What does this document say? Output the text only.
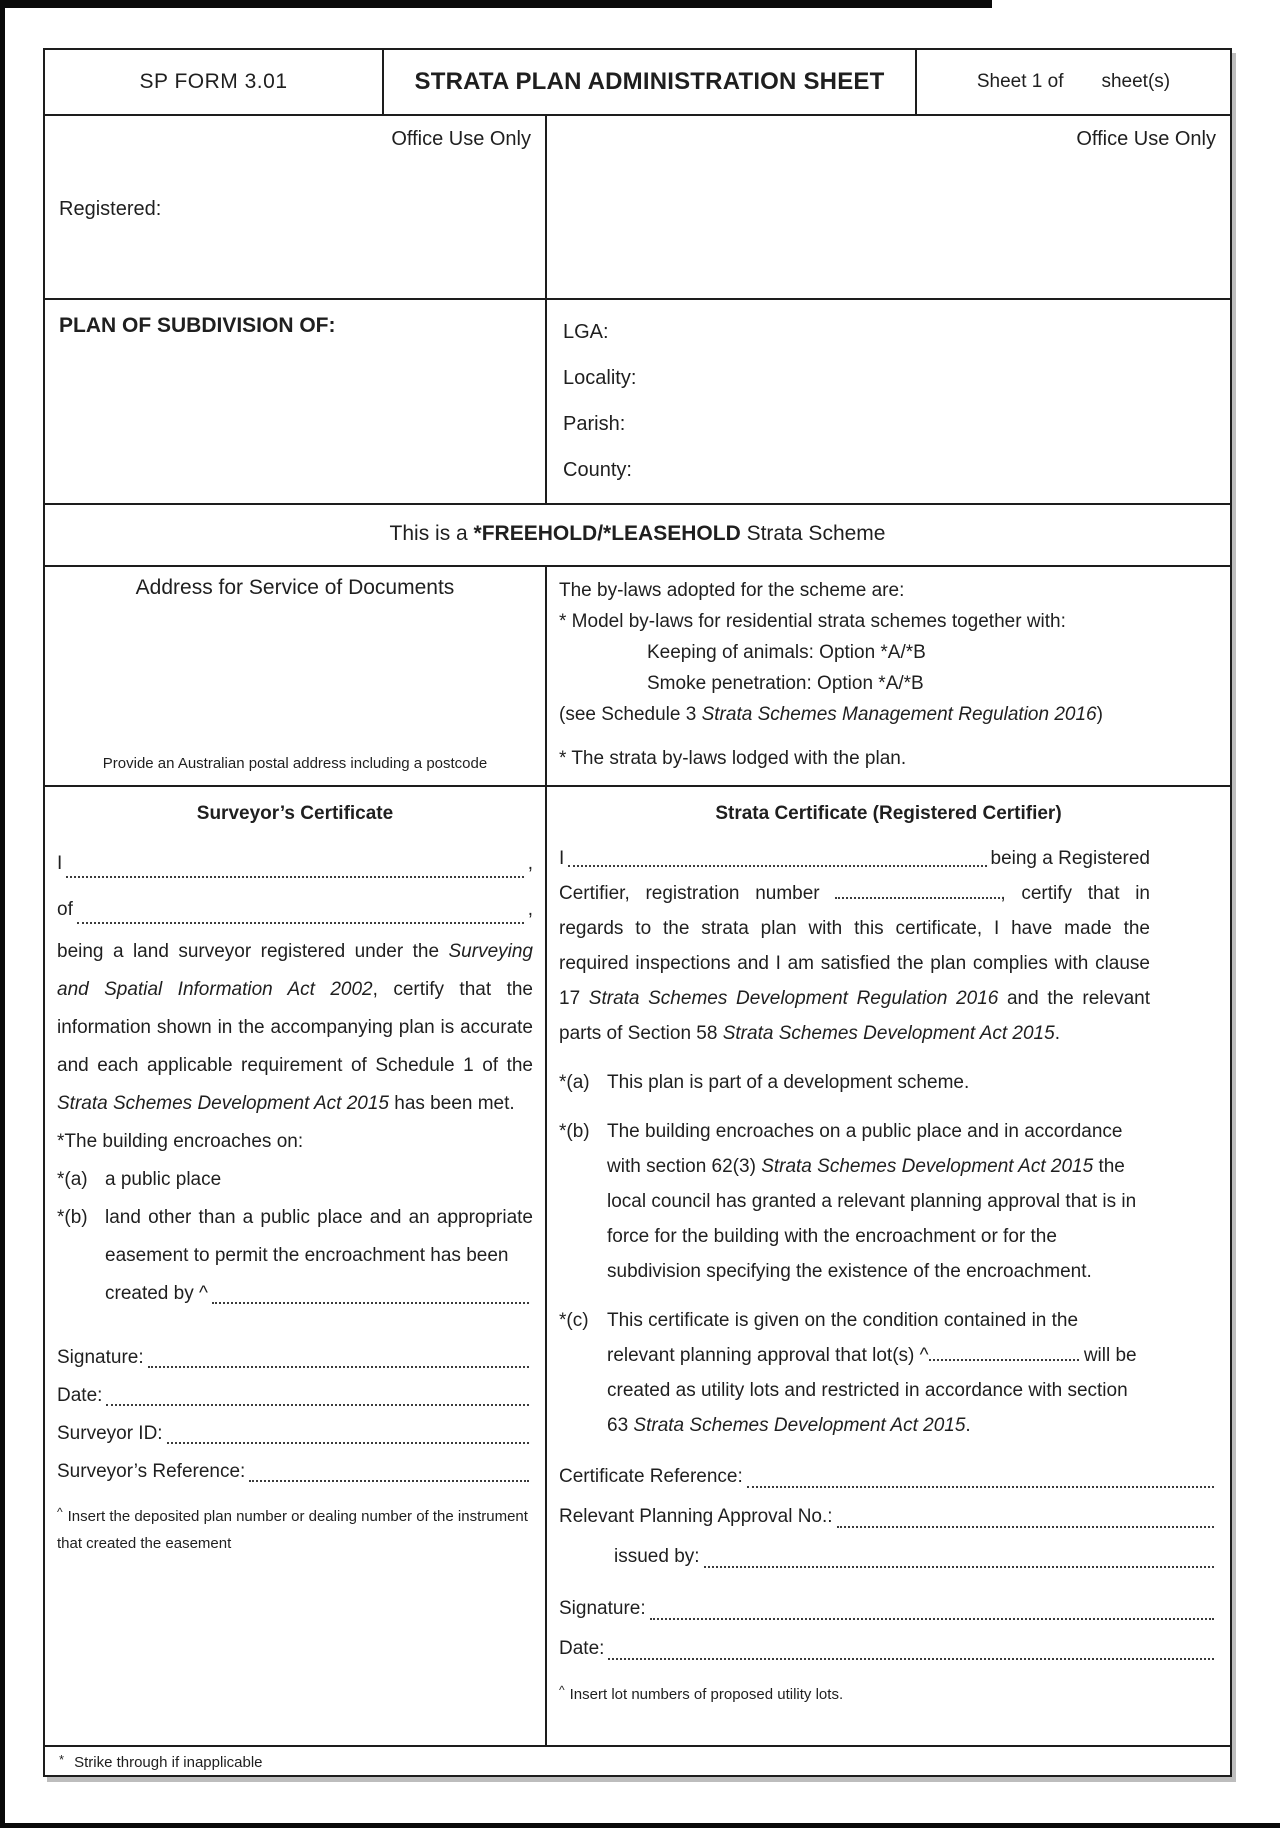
SP FORM 3.01	STRATA PLAN ADMINISTRATION SHEET	Sheet 1 of sheet(s)
Office Use Only
Registered:
Office Use Only
PLAN OF SUBDIVISION OF:	LGA:
Locality:
Parish:
County:
This is a *FREEHOLD/*LEASEHOLD Strata Scheme
Address for Service of Documents
Provide an Australian postal address including a postcode
The by-laws adopted for the scheme are:
* Model by-laws for residential strata schemes together with:
Keeping of animals: Option *A/*B
Smoke penetration: Option *A/*B
(see Schedule 3 Strata Schemes Management Regulation 2016)
* The strata by-laws lodged with the plan.
Surveyor’s Certificate
I	,
of	,
being a land surveyor registered under the Surveying and Spatial Information Act 2002, certify that the information shown in the accompanying plan is accurate and each applicable requirement of Schedule 1 of the Strata Schemes Development Act 2015 has been met.
*The building encroaches on:
*(a) a public place
*(b) land other than a public place and an appropriate easement to permit the encroachment has been
created by ^
Signature:
Date:
Surveyor ID:
Surveyor’s Reference:
^ Insert the deposited plan number or dealing number of the instrument that created the easement
Strata Certificate (Registered Certifier)
I	being a Registered
Certifier, registration number	, certify that in regards to the strata plan with this certificate, I have made the required inspections and I am satisfied the plan complies with clause 17 Strata Schemes Development Regulation 2016 and the relevant parts of Section 58 Strata Schemes Development Act 2015.
*(a) This plan is part of a development scheme.
*(b) The building encroaches on a public place and in accordance with section 62(3) Strata Schemes Development Act 2015 the local council has granted a relevant planning approval that is in force for the building with the encroachment or for the subdivision specifying the existence of the encroachment.
*(c) This certificate is given on the condition contained in the relevant planning approval that lot(s) ^	will be created as utility lots and restricted in accordance with section 63 Strata Schemes Development Act 2015.
Certificate Reference:
Relevant Planning Approval No.:
issued by:
Signature:
Date:
^ Insert lot numbers of proposed utility lots.
* Strike through if inapplicable
